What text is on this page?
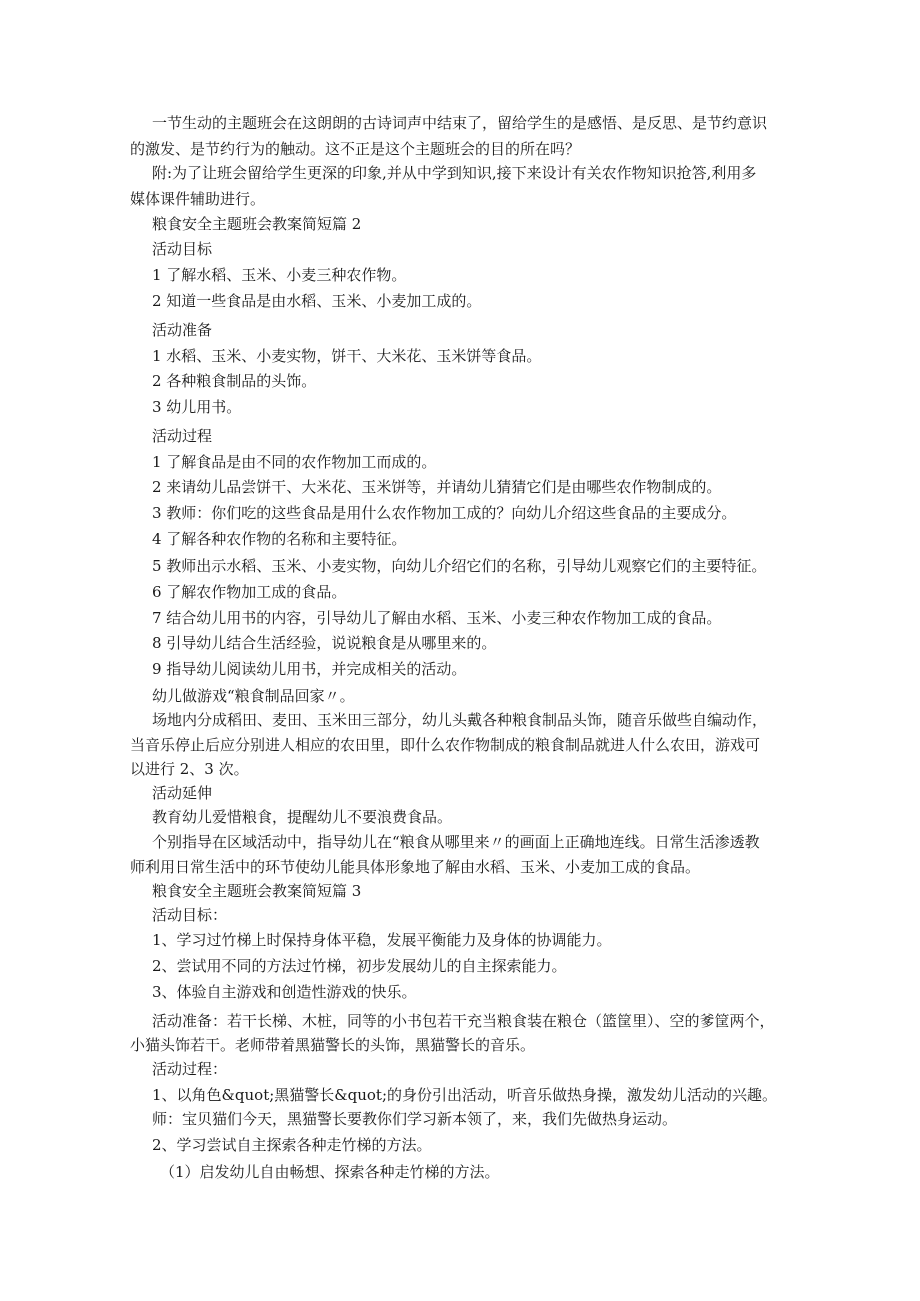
一节生动的主题班会在这朗朗的古诗词声中结束了，留给学生的是感悟、是反思、是节约意识
的激发、是节约行为的触动。这不正是这个主题班会的目的所在吗？
附:为了让班会留给学生更深的印象,并从中学到知识,接下来设计有关农作物知识抢答,利用多
媒体课件辅助进行。
粮食安全主题班会教案简短篇 2
活动目标
1 了解水稻、玉米、小麦三种农作物。
2 知道一些食品是由水稻、玉米、小麦加工成的。
活动准备
1 水稻、玉米、小麦实物，饼干、大米花、玉米饼等食品。
2 各种粮食制品的头饰。
3 幼儿用书。
活动过程
1 了解食品是由不同的农作物加工而成的。
2 来请幼儿品尝饼干、大米花、玉米饼等，并请幼儿猜猜它们是由哪些农作物制成的。
3 教师：你们吃的这些食品是用什么农作物加工成的？向幼儿介绍这些食品的主要成分。
4 了解各种农作物的名称和主要特征。
5 教师出示水稻、玉米、小麦实物，向幼儿介绍它们的名称，引导幼儿观察它们的主要特征。
6 了解农作物加工成的食品。
7 结合幼儿用书的内容，引导幼儿了解由水稻、玉米、小麦三种农作物加工成的食品。
8 引导幼儿结合生活经验，说说粮食是从哪里来的。
9 指导幼儿阅读幼儿用书，并完成相关的活动。
幼儿做游戏“粮食制品回家〃。
场地内分成稻田、麦田、玉米田三部分，幼儿头戴各种粮食制品头饰，随音乐做些自编动作，
当音乐停止后应分别进人相应的农田里，即什么农作物制成的粮食制品就进人什么农田，游戏可
以进行 2、3 次。
活动延伸
教育幼儿爱惜粮食，提醒幼儿不要浪费食品。
个别指导在区域活动中，指导幼儿在“粮食从哪里来〃的画面上正确地连线。日常生活渗透教
师利用日常生活中的环节使幼儿能具体形象地了解由水稻、玉米、小麦加工成的食品。
粮食安全主题班会教案简短篇 3
活动目标：
1、学习过竹梯上时保持身体平稳，发展平衡能力及身体的协调能力。
2、尝试用不同的方法过竹梯，初步发展幼儿的自主探索能力。
3、体验自主游戏和创造性游戏的快乐。
活动准备：若干长梯、木桩，同等的小书包若干充当粮食装在粮仓（篮筐里）、空的爹筐两个，
小猫头饰若干。老师带着黑猫警长的头饰，黑猫警长的音乐。
活动过程：
1、以角色&quot;黑猫警长&quot;的身份引出活动，听音乐做热身操，激发幼儿活动的兴趣。
师：宝贝猫们今天，黑猫警长要教你们学习新本领了，来，我们先做热身运动。
2、学习尝试自主探索各种走竹梯的方法。
（1）启发幼儿自由畅想、探索各种走竹梯的方法。
